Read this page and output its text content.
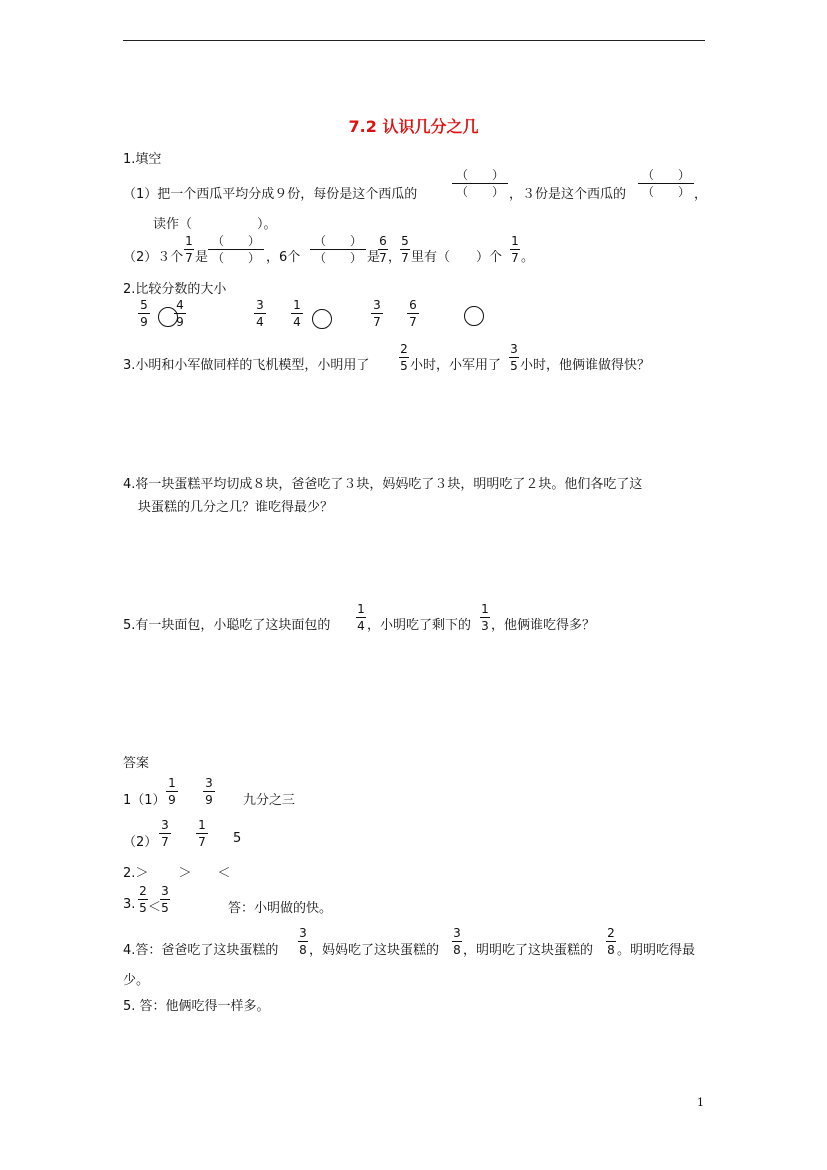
7.2 认识几分之几
1.填空
（1）把一个西瓜平均分成９份，每份是这个西瓜的
（　　）
（　　） ，３份是这个西瓜的
（　　）
（　　） ，
读作（　　　　　）。
（2）３个
1
7 是
（　　）
（　　） ，6个
（　　）
（　　） 是
6
7 ，
5
7 里有（　　）个
1
7 。
2.比较分数的大小
5
9
4
9
3
4
1
4
3
7
6
7
3.小明和小军做同样的飞机模型，小明用了
2
5 小时，小军用了
3
5 小时，他俩谁做得快？
4.将一块蛋糕平均切成８块，爸爸吃了３块，妈妈吃了３块，明明吃了２块。他们各吃了这
块蛋糕的几分之几？谁吃得最少？
5.有一块面包，小聪吃了这块面包的
1
4 ，小明吃了剩下的
1
3 ，他俩谁吃得多？
答案
1（1）
1
9
3
9 九分之三
（2）
3
7
1
7 5
2.＞　　 ＞　　＜
3.
2
5 ＜
3
5	答：小明做的快。
4.答：爸爸吃了这块蛋糕的
3
8 ，妈妈吃了这块蛋糕的
3
8 ，明明吃了这块蛋糕的
2
8 。明明吃得最
少。
5. 答：他俩吃得一样多。
1
